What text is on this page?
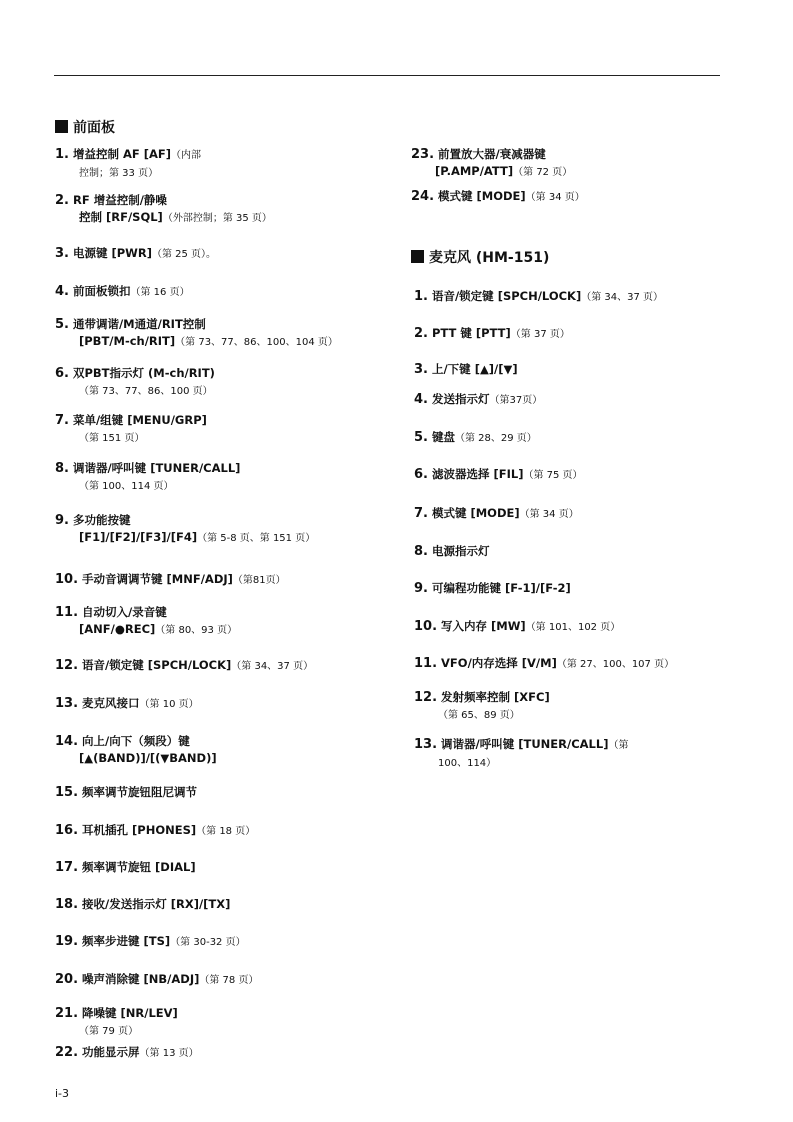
前面板
麦克风 (HM-151)
1. 增益控制 AF [AF]（内部
控制；第 33 页）
2. RF 增益控制/静噪
控制 [RF/SQL]（外部控制；第 35 页）
3. 电源键 [PWR]（第 25 页）。
4. 前面板锁扣（第 16 页）
5. 通带调谐/M通道/RIT控制
[PBT/M-ch/RIT]（第 73、77、86、100、104 页）
6. 双PBT指示灯 (M-ch/RIT)
（第 73、77、86、100 页）
7. 菜单/组键 [MENU/GRP]
（第 151 页）
8. 调谐器/呼叫键 [TUNER/CALL]
（第 100、114 页）
9. 多功能按键
[F1]/[F2]/[F3]/[F4]（第 5-8 页、第 151 页）
10. 手动音调调节键 [MNF/ADJ]（第81页）
11. 自动切入/录音键
[ANF/●REC]（第 80、93 页）
12. 语音/锁定键 [SPCH/LOCK]（第 34、37 页）
13. 麦克风接口（第 10 页）
14. 向上/向下（频段）键
[▲(BAND)]/[(▼BAND)]
15. 频率调节旋钮阻尼调节
16. 耳机插孔 [PHONES]（第 18 页）
17. 频率调节旋钮 [DIAL]
18. 接收/发送指示灯 [RX]/[TX]
19. 频率步进键 [TS]（第 30-32 页）
20. 噪声消除键 [NB/ADJ]（第 78 页）
21. 降噪键 [NR/LEV]
（第 79 页）
22. 功能显示屏（第 13 页）
23. 前置放大器/衰减器键
[P.AMP/ATT]（第 72 页）
24. 模式键 [MODE]（第 34 页）
1. 语音/锁定键 [SPCH/LOCK]（第 34、37 页）
2. PTT 键 [PTT]（第 37 页）
3. 上/下键 [▲]/[▼]
4. 发送指示灯（第37页）
5. 键盘（第 28、29 页）
6. 滤波器选择 [FIL]（第 75 页）
7. 模式键 [MODE]（第 34 页）
8. 电源指示灯
9. 可编程功能键 [F-1]/[F-2]
10. 写入内存 [MW]（第 101、102 页）
11. VFO/内存选择 [V/M]（第 27、100、107 页）
12. 发射频率控制 [XFC]
（第 65、89 页）
13. 调谐器/呼叫键 [TUNER/CALL]（第
100、114）
i-3
